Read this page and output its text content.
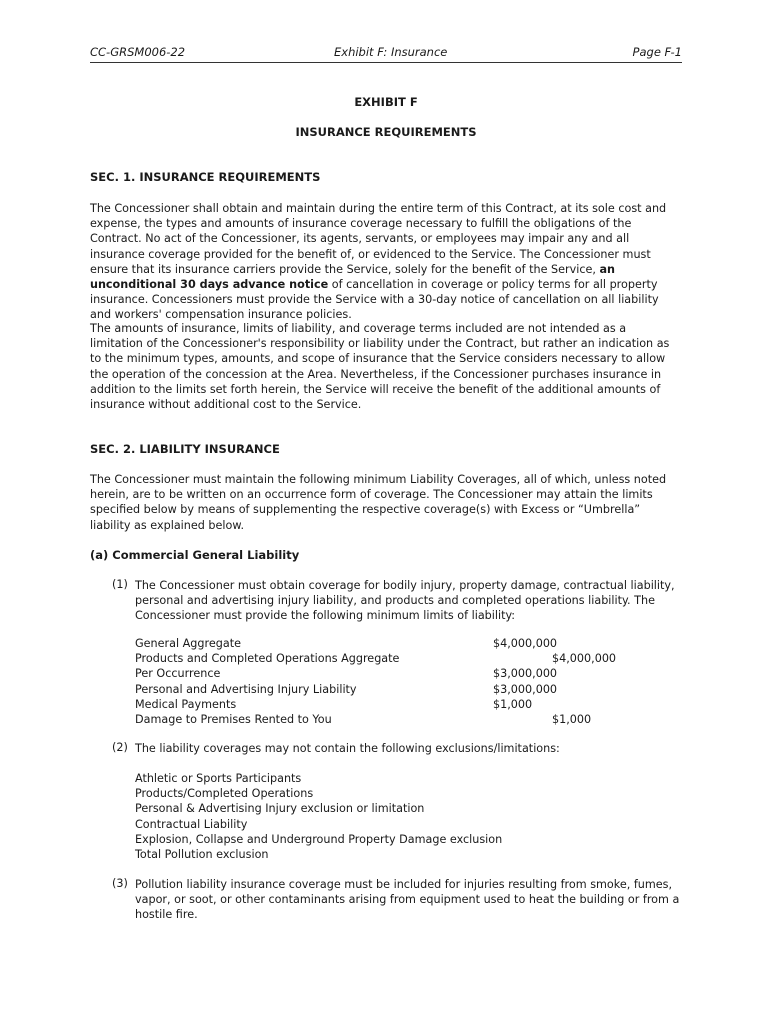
CC-GRSM006-22	Exhibit F: Insurance	Page F-1
EXHIBIT F
INSURANCE REQUIREMENTS
SEC. 1. INSURANCE REQUIREMENTS

The Concessioner shall obtain and maintain during the entire term of this Contract, at its sole cost and expense, the types and amounts of insurance coverage necessary to fulfill the obligations of the Contract. No act of the Concessioner, its agents, servants, or employees may impair any and all insurance coverage provided for the benefit of, or evidenced to the Service. The Concessioner must ensure that its insurance carriers provide the Service, solely for the benefit of the Service, an unconditional 30 days advance notice of cancellation in coverage or policy terms for all property insurance. Concessioners must provide the Service with a 30-day notice of cancellation on all liability and workers' compensation insurance policies.

The amounts of insurance, limits of liability, and coverage terms included are not intended as a limitation of the Concessioner's responsibility or liability under the Contract, but rather an indication as to the minimum types, amounts, and scope of insurance that the Service considers necessary to allow the operation of the concession at the Area. Nevertheless, if the Concessioner purchases insurance in addition to the limits set forth herein, the Service will receive the benefit of the additional amounts of insurance without additional cost to the Service.

SEC. 2. LIABILITY INSURANCE

The Concessioner must maintain the following minimum Liability Coverages, all of which, unless noted herein, are to be written on an occurrence form of coverage. The Concessioner may attain the limits specified below by means of supplementing the respective coverage(s) with Excess or “Umbrella” liability as explained below.

(a) Commercial General Liability
(1) The Concessioner must obtain coverage for bodily injury, property damage, contractual liability, personal and advertising injury liability, and products and completed operations liability. The Concessioner must provide the following minimum limits of liability:

General Aggregate	$4,000,000
Products and Completed Operations Aggregate	$4,000,000
Per Occurrence	$3,000,000
Personal and Advertising Injury Liability	$3,000,000
Medical Payments	$1,000
Damage to Premises Rented to You	$1,000
(2) The liability coverages may not contain the following exclusions/limitations:

Athletic or Sports Participants
Products/Completed Operations
Personal & Advertising Injury exclusion or limitation
Contractual Liability
Explosion, Collapse and Underground Property Damage exclusion
Total Pollution exclusion
(3) Pollution liability insurance coverage must be included for injuries resulting from smoke, fumes, vapor, or soot, or other contaminants arising from equipment used to heat the building or from a hostile fire.
